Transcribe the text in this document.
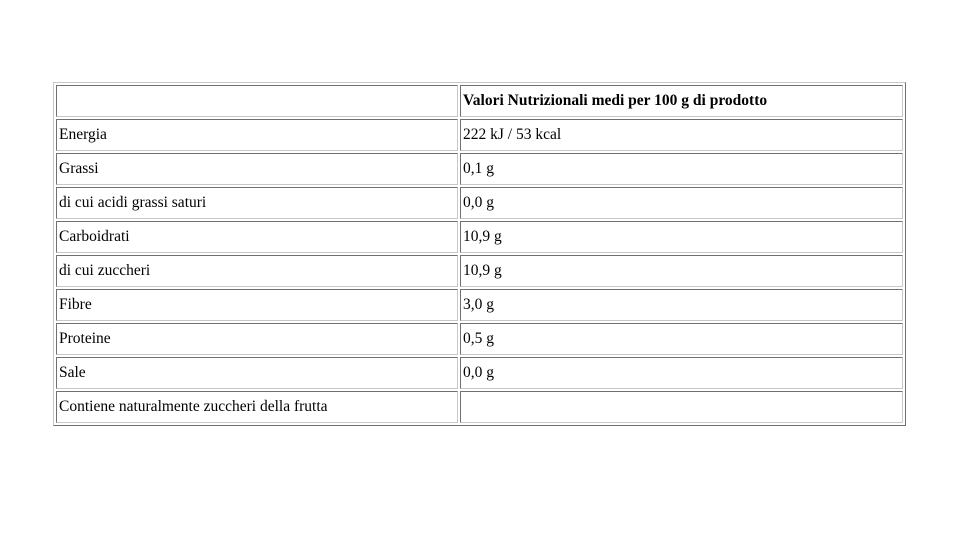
	Valori Nutrizionali medi per 100 g di prodotto
Energia	222 kJ / 53 kcal
Grassi	0,1 g
di cui acidi grassi saturi	0,0 g
Carboidrati	10,9 g
di cui zuccheri	10,9 g
Fibre	3,0 g
Proteine	0,5 g
Sale	0,0 g
Contiene naturalmente zuccheri della frutta	
